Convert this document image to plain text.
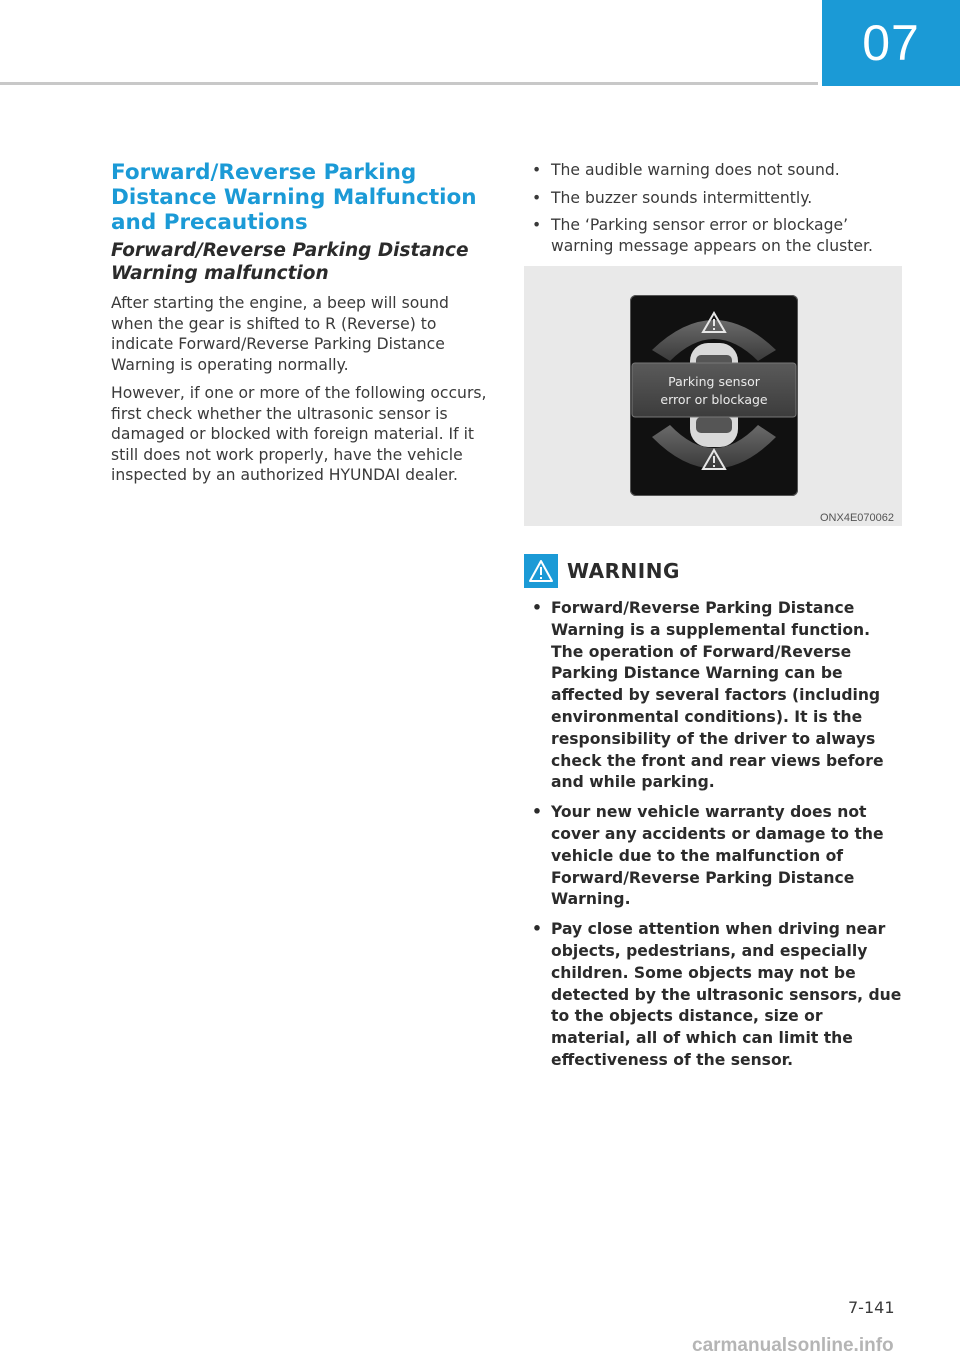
07
Forward/Reverse Parking Distance Warning Malfunction and Precautions
Forward/Reverse Parking Distance Warning malfunction

After starting the engine, a beep will sound when the gear is shifted to R (Reverse) to indicate Forward/Reverse Parking Distance Warning is operating normally.

However, if one or more of the following occurs, first check whether the ultrasonic sensor is damaged or blocked with foreign material. If it still does not work properly, have the vehicle inspected by an authorized HYUNDAI dealer.

• The audible warning does not sound.
• The buzzer sounds intermittently.
• The ‘Parking sensor error or blockage’ warning message appears on the cluster.
Parking sensor
error or blockage
ONX4E070062
WARNING
• Forward/Reverse Parking Distance Warning is a supplemental function. The operation of Forward/Reverse Parking Distance Warning can be affected by several factors (including environmental conditions). It is the responsibility of the driver to always check the front and rear views before and while parking.
• Your new vehicle warranty does not cover any accidents or damage to the vehicle due to the malfunction of Forward/Reverse Parking Distance Warning.
• Pay close attention when driving near objects, pedestrians, and especially children. Some objects may not be detected by the ultrasonic sensors, due to the objects distance, size or material, all of which can limit the effectiveness of the sensor.
7-141
carmanualsonline.info
